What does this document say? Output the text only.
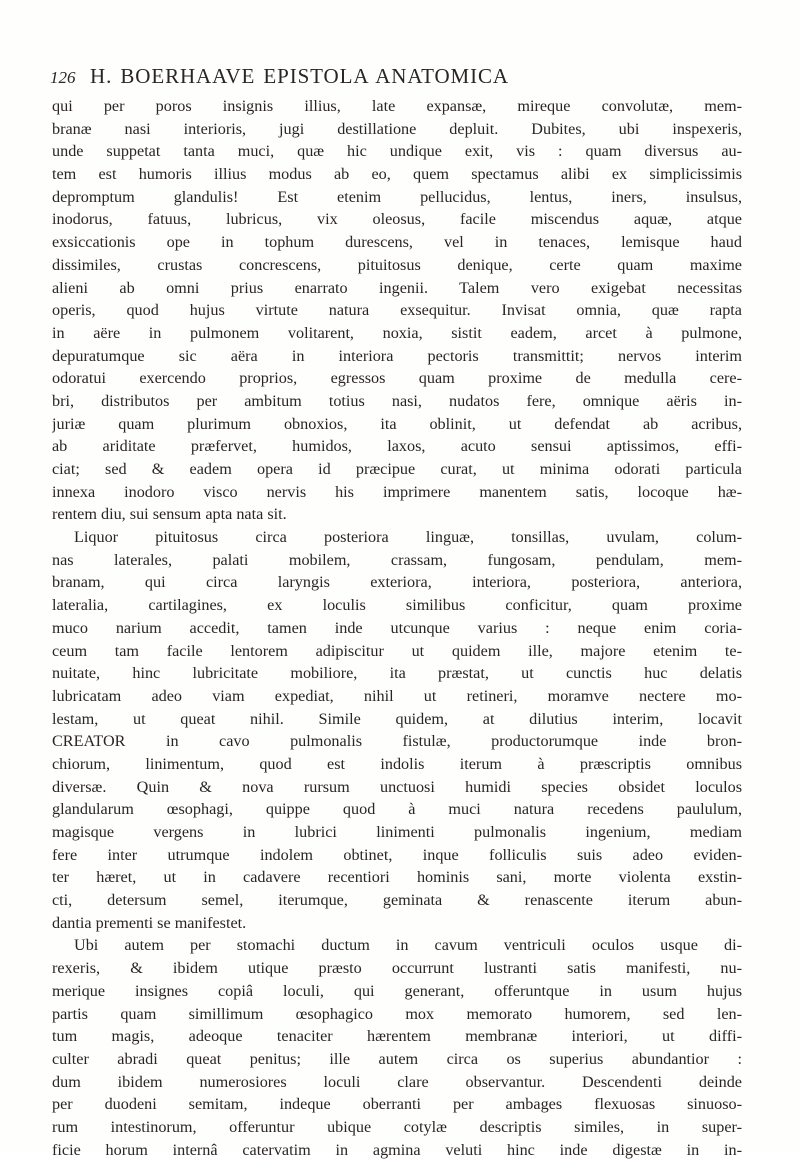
126 H. BOERHAAVE EPISTOLA ANATOMICA
qui per poros insignis illius, late expansæ, mireque convolutæ, mem-
branæ nasi interioris, jugi destillatione depluit. Dubites, ubi inspexeris,
unde suppetat tanta muci, quæ hic undique exit, vis : quam diversus au-
tem est humoris illius modus ab eo, quem spectamus alibi ex simplicissimis
depromptum glandulis! Est etenim pellucidus, lentus, iners, insulsus,
inodorus, fatuus, lubricus, vix oleosus, facile miscendus aquæ, atque
exsiccationis ope in tophum durescens, vel in tenaces, lemisque haud
dissimiles, crustas concrescens, pituitosus denique, certe quam maxime
alieni ab omni prius enarrato ingenii. Talem vero exigebat necessitas
operis, quod hujus virtute natura exsequitur. Invisat omnia, quæ rapta
in aëre in pulmonem volitarent, noxia, sistit eadem, arcet à pulmone,
depuratumque sic aëra in interiora pectoris transmittit; nervos interim
odoratui exercendo proprios, egressos quam proxime de medulla cere-
bri, distributos per ambitum totius nasi, nudatos fere, omnique aëris in-
juriæ quam plurimum obnoxios, ita oblinit, ut defendat ab acribus,
ab ariditate præfervet, humidos, laxos, acuto sensui aptissimos, effi-
ciat; sed & eadem opera id præcipue curat, ut minima odorati particula
innexa inodoro visco nervis his imprimere manentem satis, locoque hæ-
rentem diu, sui sensum apta nata sit.
Liquor pituitosus circa posteriora linguæ, tonsillas, uvulam, colum-
nas laterales, palati mobilem, crassam, fungosam, pendulam, mem-
branam, qui circa laryngis exteriora, interiora, posteriora, anteriora,
lateralia, cartilagines, ex loculis similibus conficitur, quam proxime
muco narium accedit, tamen inde utcunque varius : neque enim coria-
ceum tam facile lentorem adipiscitur ut quidem ille, majore etenim te-
nuitate, hinc lubricitate mobiliore, ita præstat, ut cunctis huc delatis
lubricatam adeo viam expediat, nihil ut retineri, moramve nectere mo-
lestam, ut queat nihil. Simile quidem, at dilutius interim, locavit
CREATOR in cavo pulmonalis fistulæ, productorumque inde bron-
chiorum, linimentum, quod est indolis iterum à præscriptis omnibus
diversæ. Quin & nova rursum unctuosi humidi species obsidet loculos
glandularum œsophagi, quippe quod à muci natura recedens paululum,
magisque vergens in lubrici linimenti pulmonalis ingenium, mediam
fere inter utrumque indolem obtinet, inque folliculis suis adeo eviden-
ter hæret, ut in cadavere recentiori hominis sani, morte violenta exstin-
cti, detersum semel, iterumque, geminata & renascente iterum abun-
dantia prementi se manifestet.
Ubi autem per stomachi ductum in cavum ventriculi oculos usque di-
rexeris, & ibidem utique præsto occurrunt lustranti satis manifesti, nu-
merique insignes copiâ loculi, qui generant, offeruntque in usum hujus
partis quam simillimum œsophagico mox memorato humorem, sed len-
tum magis, adeoque tenaciter hærentem membranæ interiori, ut diffi-
culter abradi queat penitus; ille autem circa os superius abundantior :
dum ibidem numerosiores loculi clare observantur. Descendenti deinde
per duodeni semitam, indeque oberranti per ambages flexuosas sinuoso-
rum intestinorum, offeruntur ubique cotylæ descriptis similes, in super-
ficie horum internâ catervatim in agmina veluti hinc inde digestæ in in-
